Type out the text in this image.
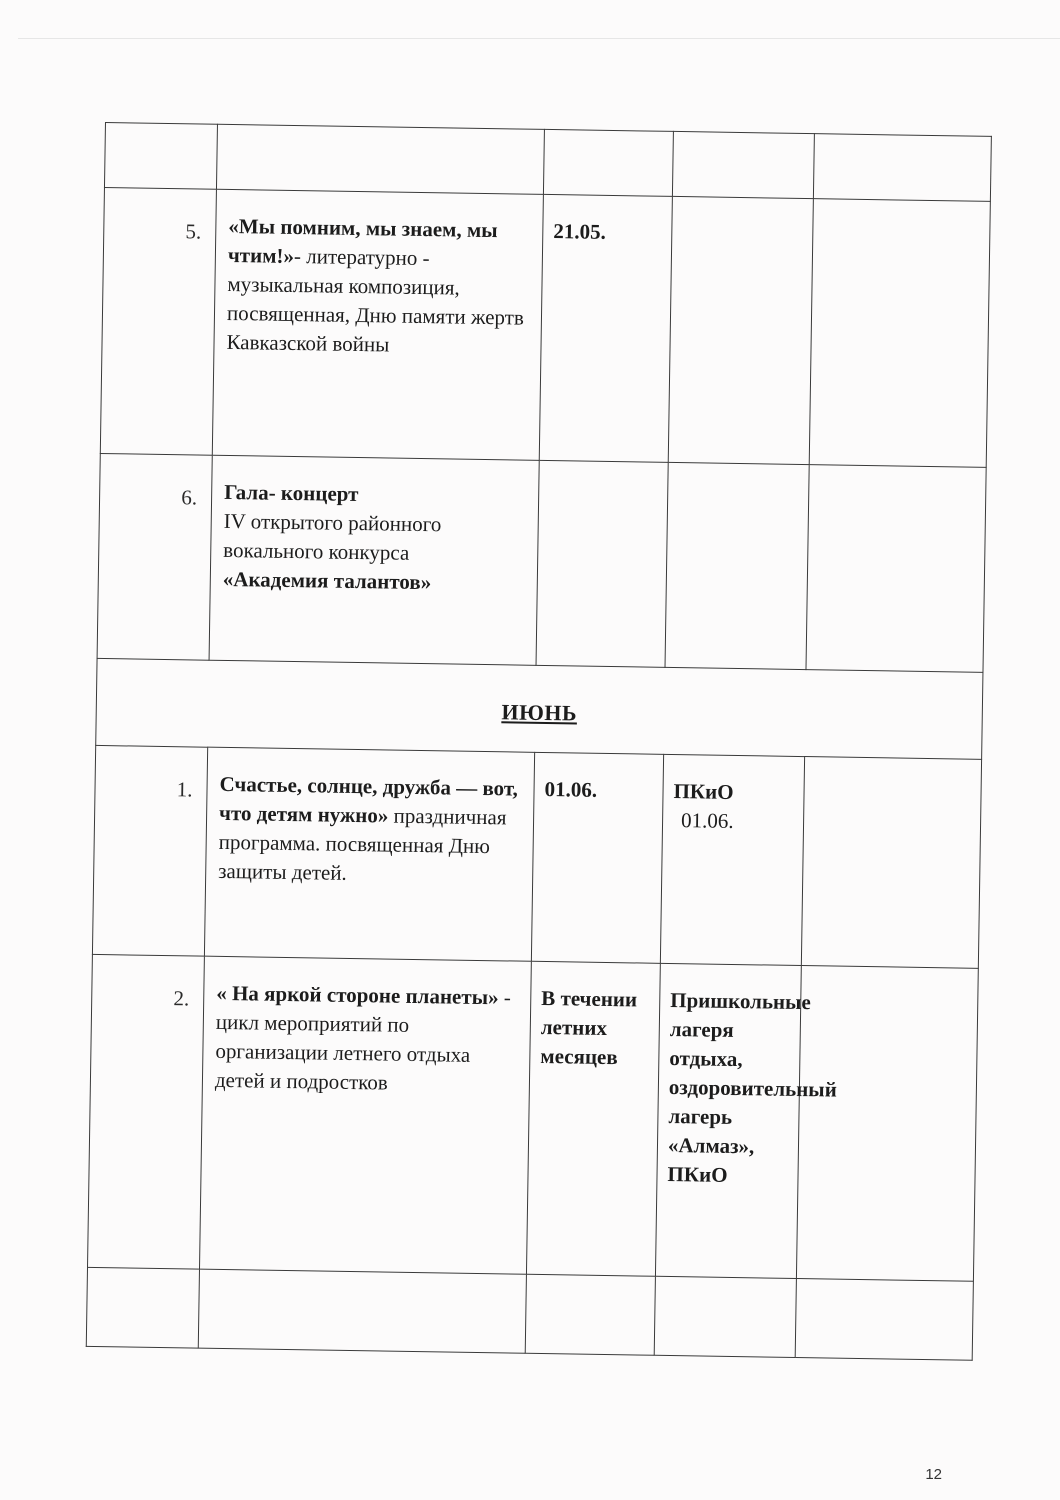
5.	«Мы помним, мы знаем, мы чтим!»- литературно - музыкальная композиция, посвященная, Дню памяти жертв Кавказской войны	21.05.		
6.	Гала- концерт
IV открытого районного вокального конкурса
«Академия талантов»			
ИЮНЬ				
1.	Счастье, солнце, дружба — вот, что детям нужно» праздничная программа. посвященная Дню защиты детей.	01.06.	ПКиО
01.06.	

2.	« На яркой стороне планеты» - цикл мероприятий по организации летнего отдыха детей и подростков	В течении летних месяцев	Пришкольные лагеря отдыха, оздоровительный лагерь «Алмаз», ПКиО	

12
